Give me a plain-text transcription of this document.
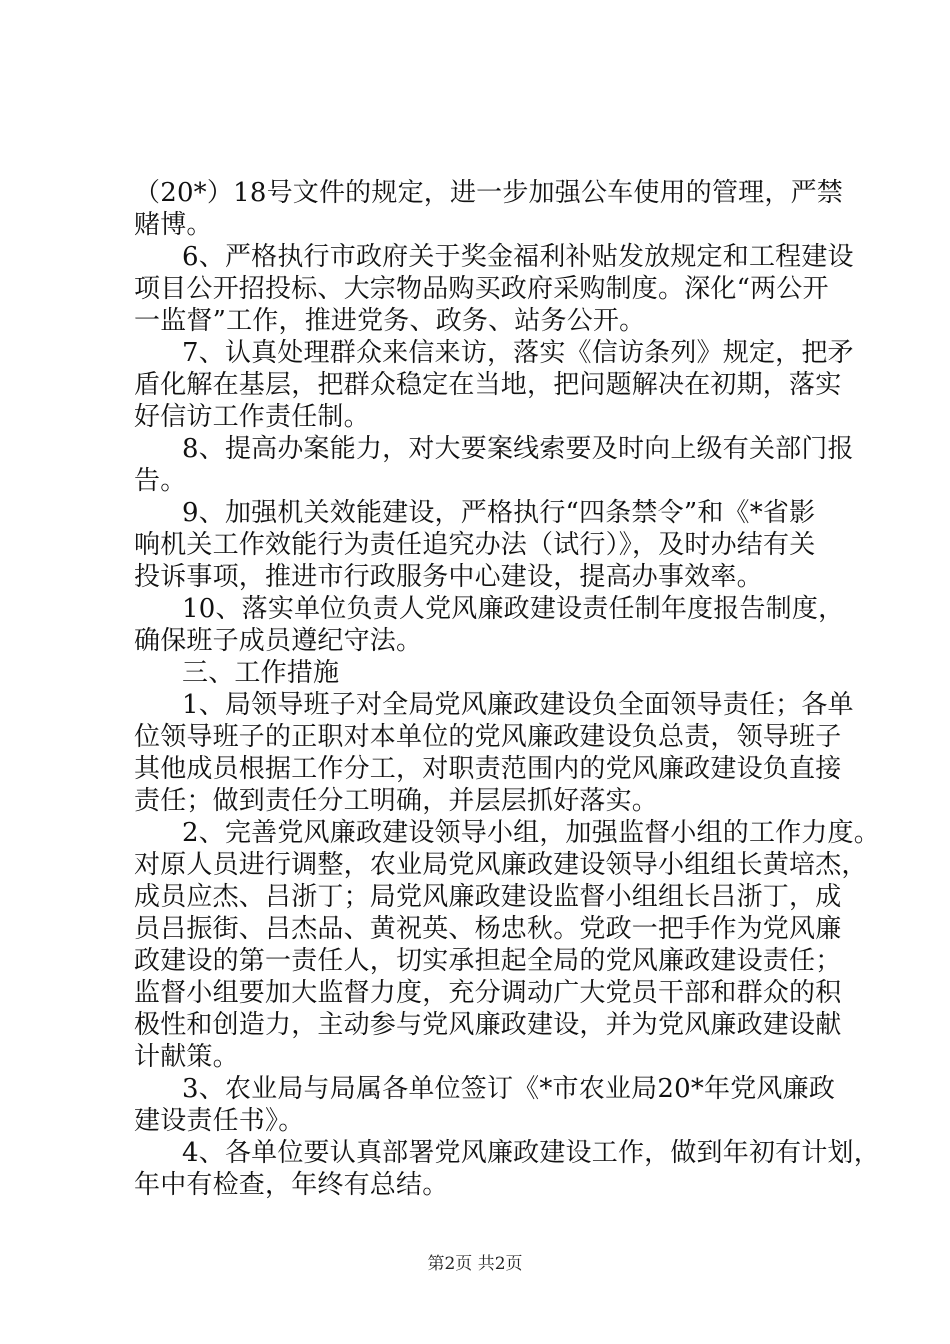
（20*）18号文件的规定，进一步加强公车使用的管理，严禁
赌博。
6、严格执行市政府关于奖金福利补贴发放规定和工程建设
项目公开招投标、大宗物品购买政府采购制度。深化“两公开
一监督”工作，推进党务、政务、站务公开。
7、认真处理群众来信来访，落实《信访条列》规定，把矛
盾化解在基层，把群众稳定在当地，把问题解决在初期，落实
好信访工作责任制。
8、提高办案能力，对大要案线索要及时向上级有关部门报
告。
9、加强机关效能建设，严格执行“四条禁令”和《*省影
响机关工作效能行为责任追究办法（试行）》，及时办结有关
投诉事项，推进市行政服务中心建设，提高办事效率。
10、落实单位负责人党风廉政建设责任制年度报告制度，
确保班子成员遵纪守法。
三、工作措施
1、局领导班子对全局党风廉政建设负全面领导责任；各单
位领导班子的正职对本单位的党风廉政建设负总责，领导班子
其他成员根据工作分工，对职责范围内的党风廉政建设负直接
责任；做到责任分工明确，并层层抓好落实。
2、完善党风廉政建设领导小组，加强监督小组的工作力度。
对原人员进行调整，农业局党风廉政建设领导小组组长黄培杰，
成员应杰、吕浙丁；局党风廉政建设监督小组组长吕浙丁，成
员吕振街、吕杰品、黄祝英、杨忠秋。党政一把手作为党风廉
政建设的第一责任人，切实承担起全局的党风廉政建设责任；
监督小组要加大监督力度，充分调动广大党员干部和群众的积
极性和创造力，主动参与党风廉政建设，并为党风廉政建设献
计献策。
3、农业局与局属各单位签订《*市农业局20*年党风廉政
建设责任书》。
4、各单位要认真部署党风廉政建设工作，做到年初有计划，
年中有检查，年终有总结。
第2页 共2页
